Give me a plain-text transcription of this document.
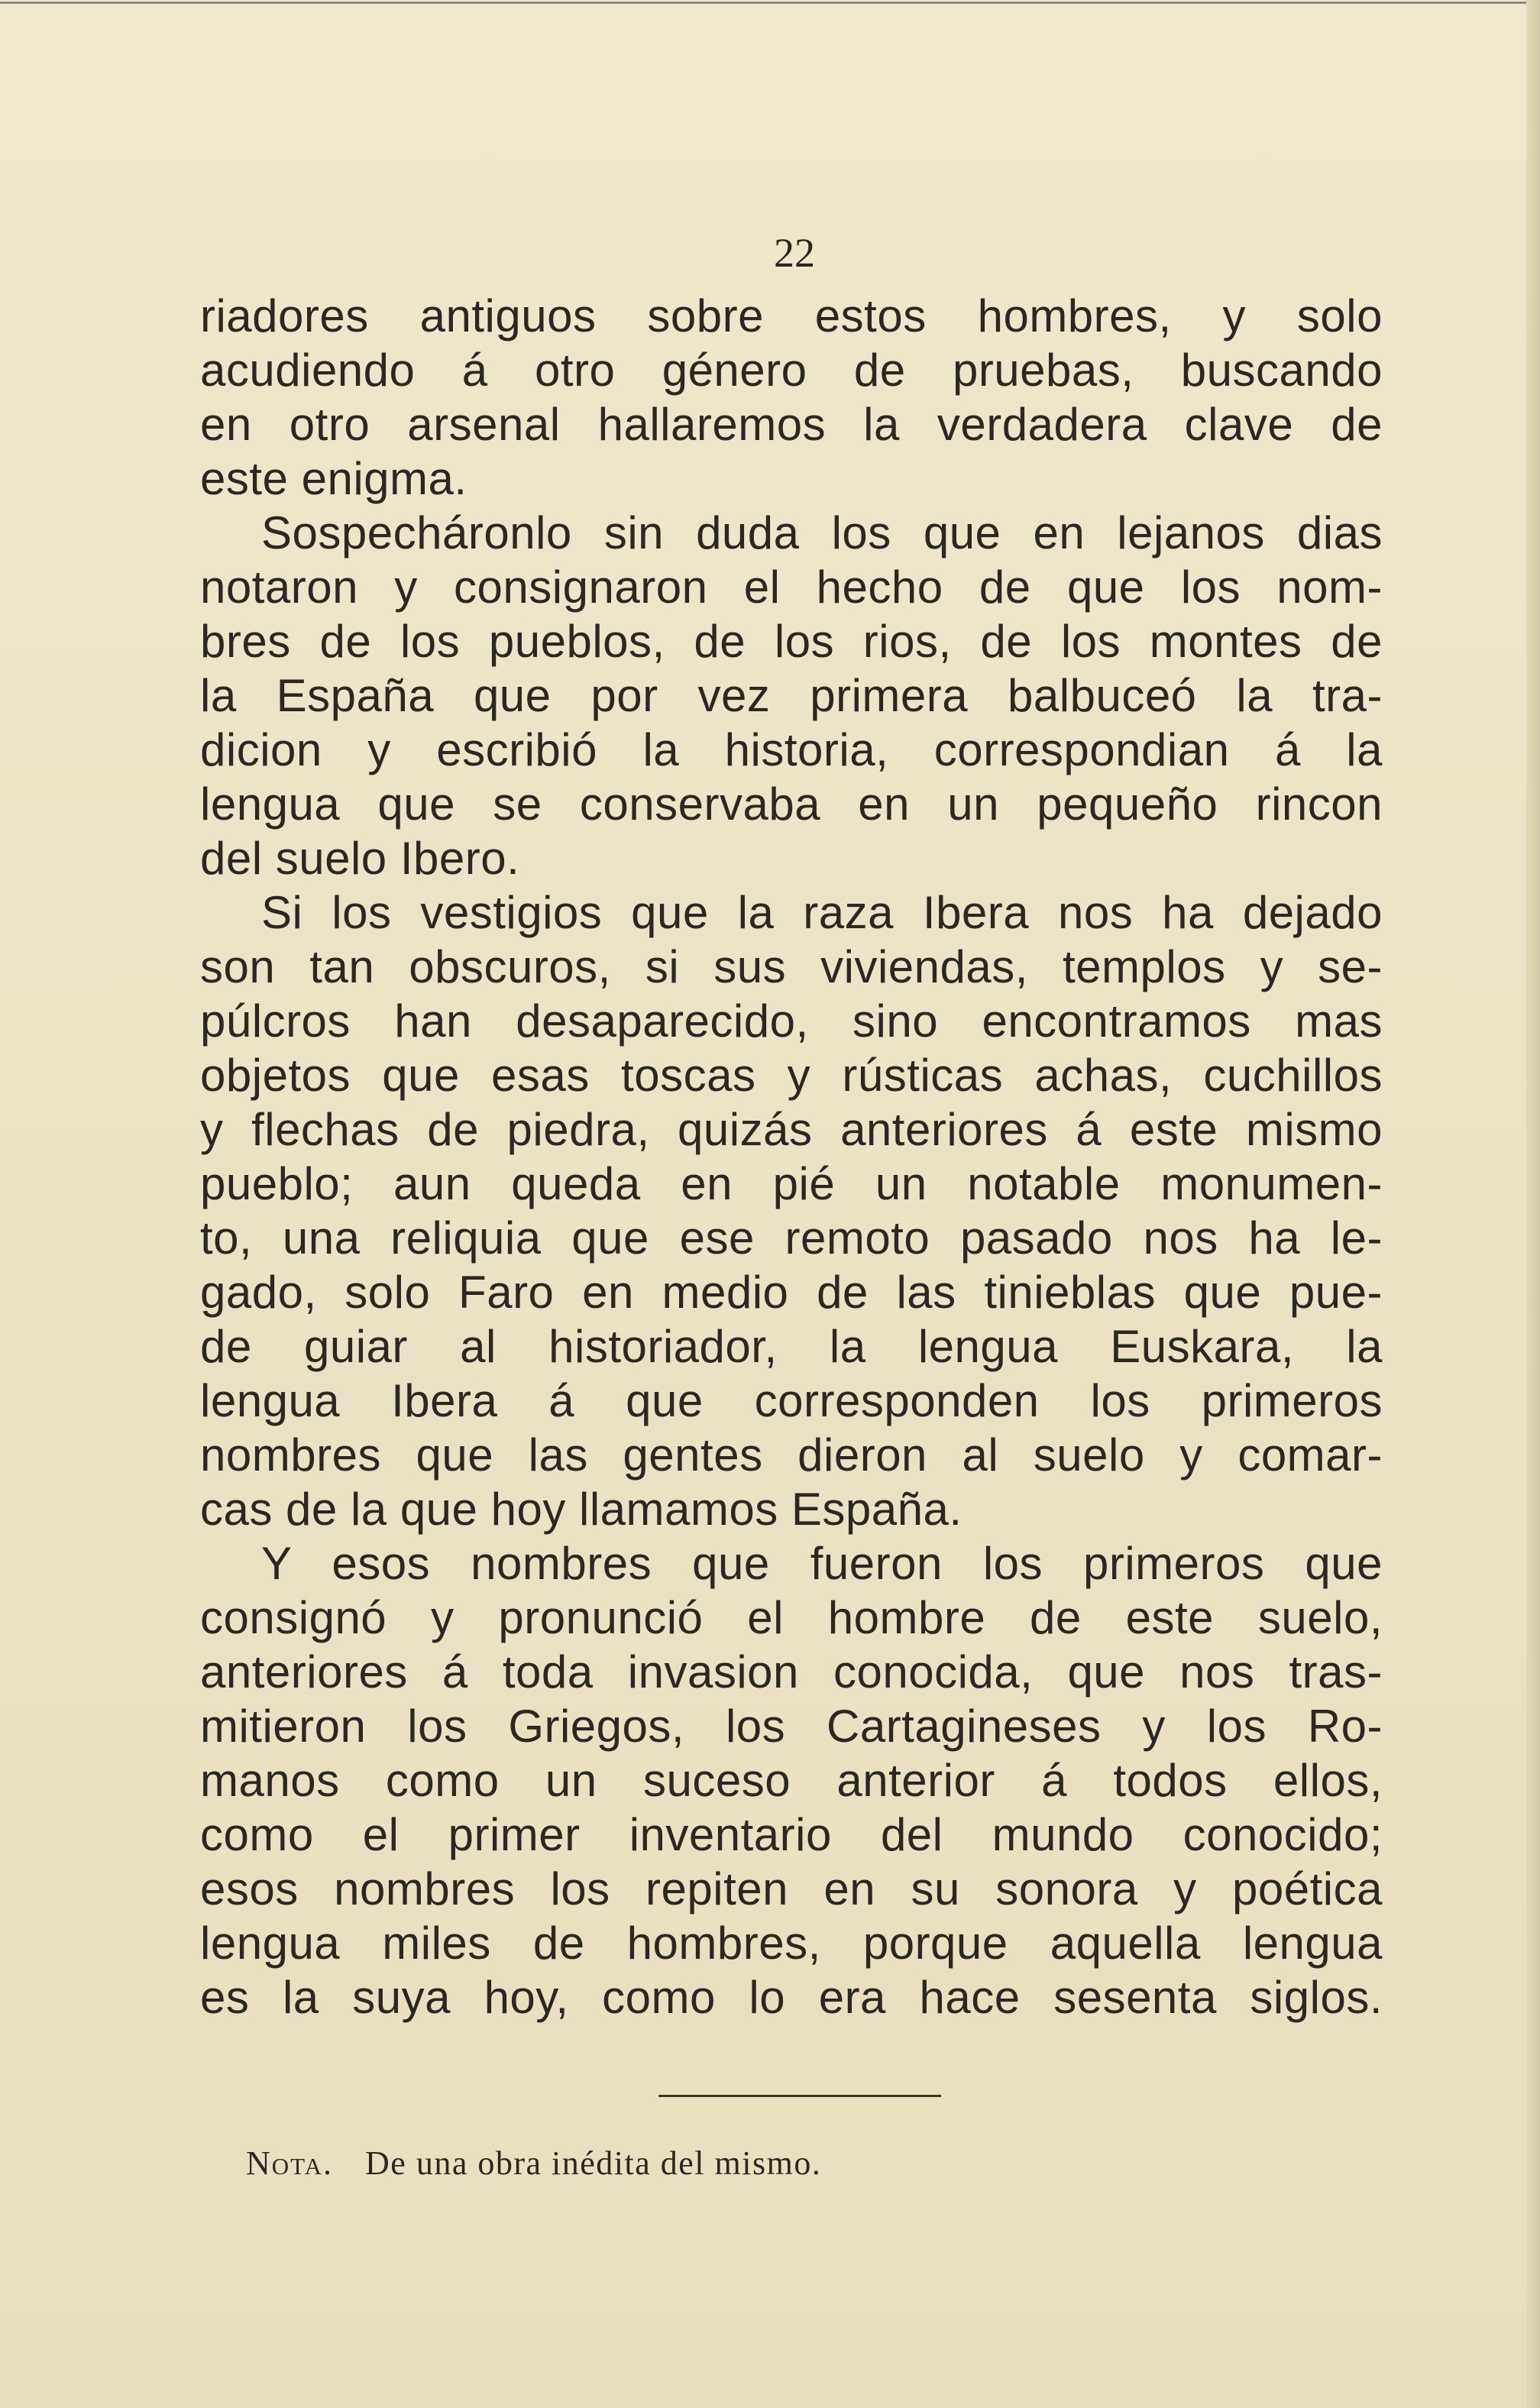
22
riadores antiguos sobre estos hombres, y solo
acudiendo á otro género de pruebas, buscando
en otro arsenal hallaremos la verdadera clave de
este enigma.
Sospecháronlo sin duda los que en lejanos dias
notaron y consignaron el hecho de que los nom-
bres de los pueblos, de los rios, de los montes de
la España que por vez primera balbuceó la tra-
dicion y escribió la historia, correspondian á la
lengua que se conservaba en un pequeño rincon
del suelo Ibero.
Si los vestigios que la raza Ibera nos ha dejado
son tan obscuros, si sus viviendas, templos y se-
púlcros han desaparecido, sino encontramos mas
objetos que esas toscas y rústicas achas, cuchillos
y flechas de piedra, quizás anteriores á este mismo
pueblo; aun queda en pié un notable monumen-
to, una reliquia que ese remoto pasado nos ha le-
gado, solo Faro en medio de las tinieblas que pue-
de guiar al historiador, la lengua Euskara, la
lengua Ibera á que corresponden los primeros
nombres que las gentes dieron al suelo y comar-
cas de la que hoy llamamos España.
Y esos nombres que fueron los primeros que
consignó y pronunció el hombre de este suelo,
anteriores á toda invasion conocida, que nos tras-
mitieron los Griegos, los Cartagineses y los Ro-
manos como un suceso anterior á todos ellos,
como el primer inventario del mundo conocido;
esos nombres los repiten en su sonora y poética
lengua miles de hombres, porque aquella lengua
es la suya hoy, como lo era hace sesenta siglos.
Nota. De una obra inédita del mismo.
